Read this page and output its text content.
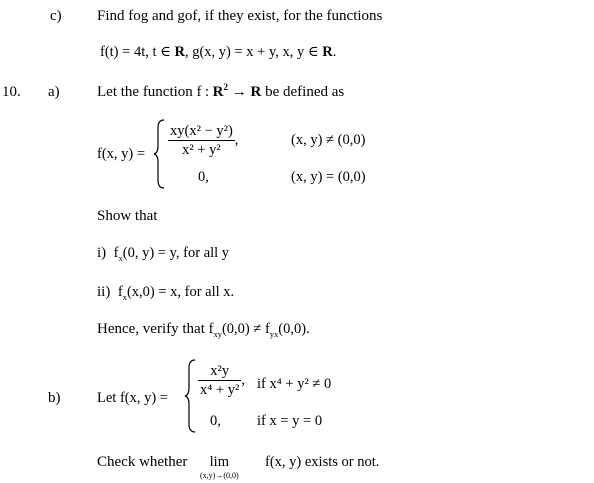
c) Find fog and gof, if they exist, for the functions
f(t) = 4t, t ∈ R, g(x, y) = x + y, x, y ∈ R.
10. a) Let the function f : $R^2 \to R$ be defined as
f(x, $y) = \frac{\text{xy(x² − y²)}}{\text{x² + y²}}$ ,	(x, y) ≠ (0,0)
0,	(x, y) = (0,0)
Show that
i) $f_x(0$, y) = y, for all y
ii) $f_x(x,0) = x$, for all x.
Hence, verify that $f_{xy}(0,0) \ne f_{yx}(0,0)$.
b)	Let f(x, y) =
$\frac{\text{x²y}}{\text{x⁴ + y²}}$ , if x⁴ + y² ≠ 0
0, if x = y = 0
Check whether	lim
(x,y)→(0,0)
f(x, y) exists or not.
